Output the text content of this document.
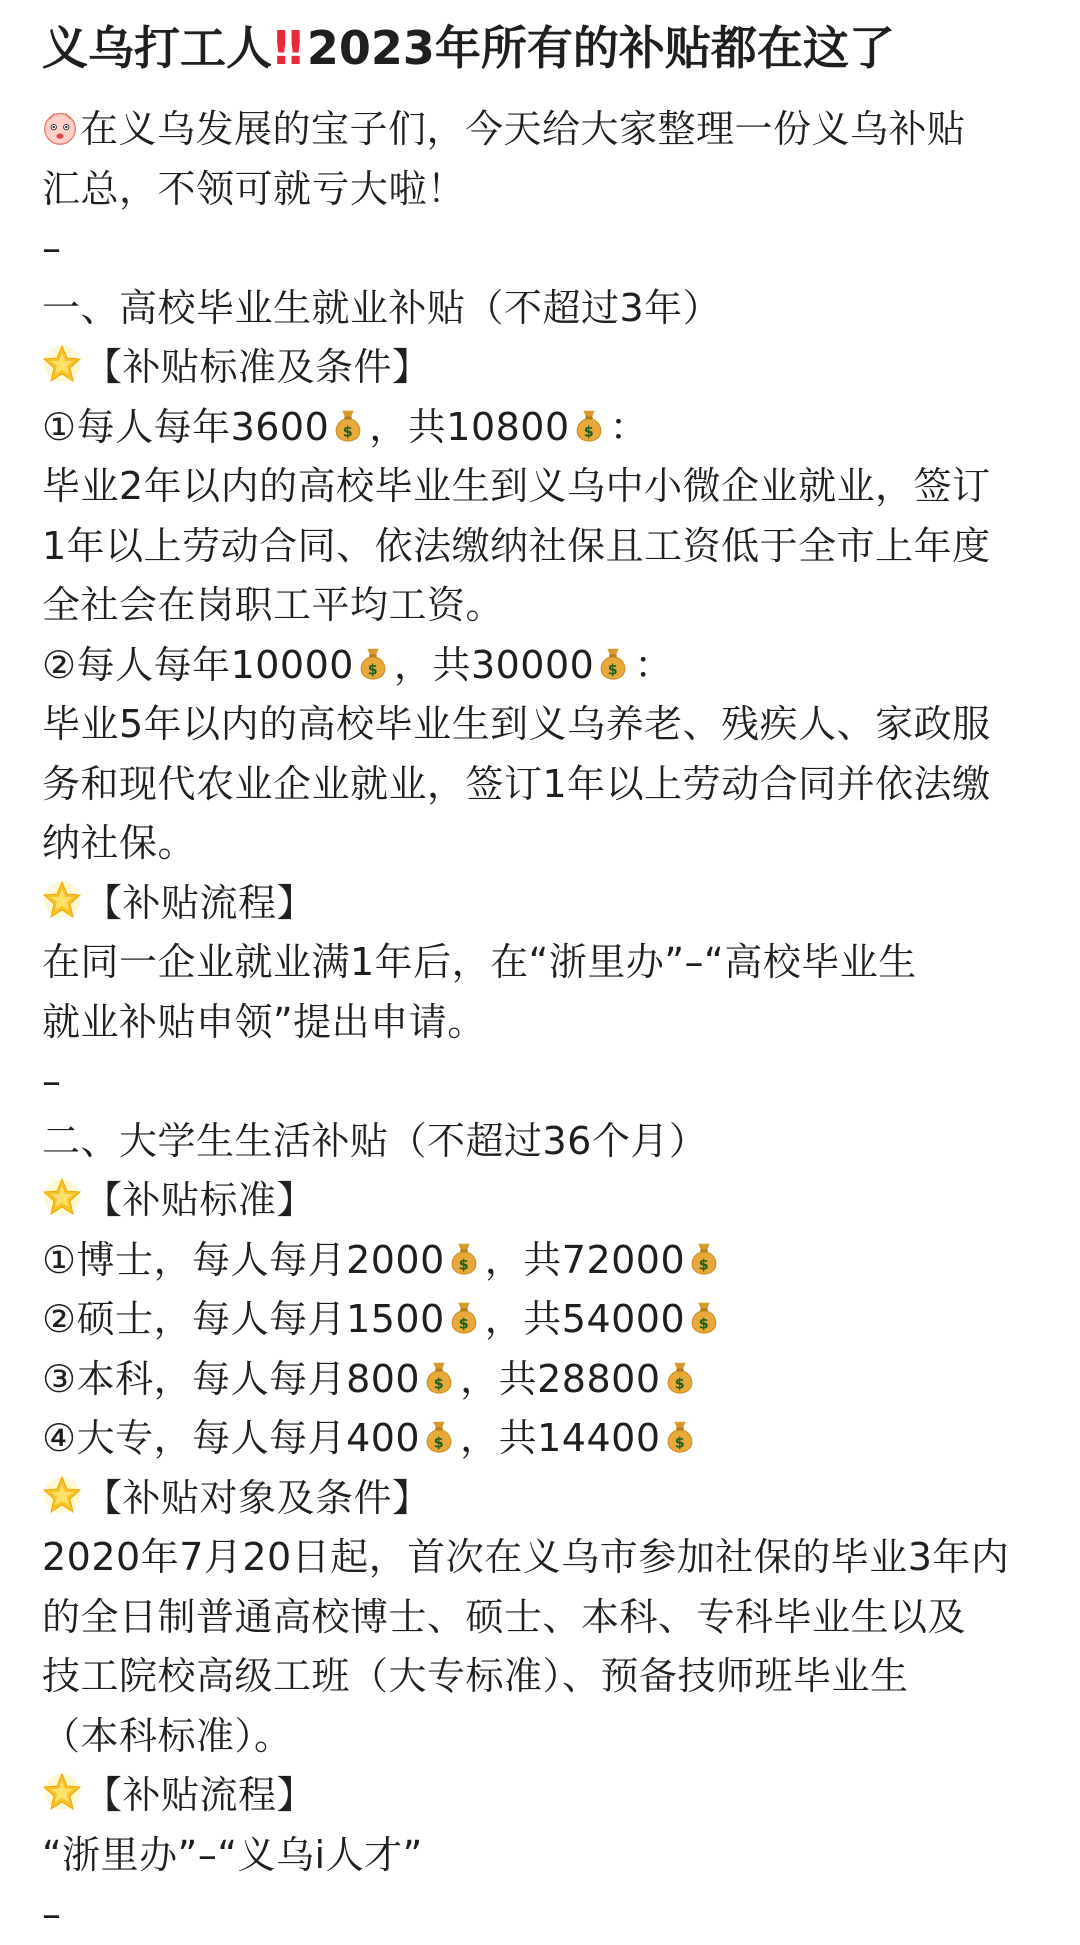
义乌打工人‼ 2023年所有的补贴都在这了
在义乌发展的宝子们，今天给大家整理一份义乌补贴
汇总，不领可就亏大啦！
–
一、高校毕业生就业补贴（不超过3年）
【补贴标准及条件】
①每人每年3600 ，共10800 ：
毕业2年以内的高校毕业生到义乌中小微企业就业，签订
1年以上劳动合同、依法缴纳社保且工资低于全市上年度
全社会在岗职工平均工资。
②每人每年10000 ，共30000 ：
毕业5年以内的高校毕业生到义乌养老、残疾人、家政服
务和现代农业企业就业，签订1年以上劳动合同并依法缴
纳社保。
【补贴流程】
在同一企业就业满1年后，在“浙里办”–“高校毕业生
就业补贴申领”提出申请。
–
二、大学生生活补贴（不超过36个月）
【补贴标准】
①博士，每人每月2000 ，共72000
②硕士，每人每月1500 ，共54000
③本科，每人每月800 ，共28800
④大专，每人每月400 ，共14400
【补贴对象及条件】
2020年7月20日起，首次在义乌市参加社保的毕业3年内
的全日制普通高校博士、硕士、本科、专科毕业生以及
技工院校高级工班（大专标准）、预备技师班毕业生
（本科标准）。
【补贴流程】
“浙里办”–“义乌i人才”
–
